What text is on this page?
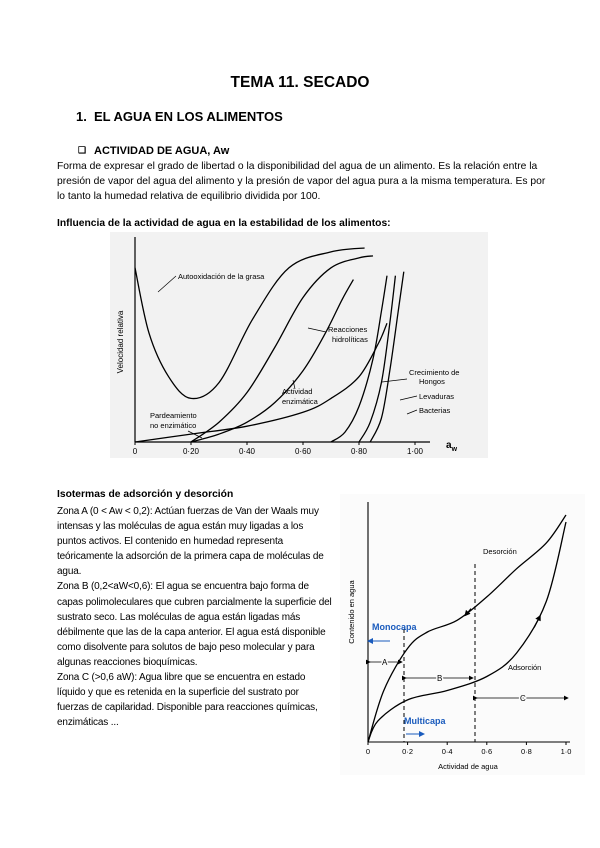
TEMA 11. SECADO
1. EL AGUA EN LOS ALIMENTOS
❑ ACTIVIDAD DE AGUA, Aw
Forma de expresar el grado de libertad o la disponibilidad del agua de un alimento. Es la relación entre la presión de vapor del agua del alimento y la presión de vapor del agua pura a la misma temperatura. Es por lo tanto la humedad relativa de equilibrio dividida por 100.
Influencia de la actividad de agua en la estabilidad de los alimentos:
0	0·20	0·40	0·60	0·80	1·00
Velocidad relativa
$a_w$
Autooxidación de la grasa
Reacciones
hidrolíticas
Crecimiento de
Hongos
Levaduras
Bacterias
Actividad
enzimática
Pardeamiento
no enzimático
Isotermas de adsorción y desorción
Zona A (0 < Aw < 0,2): Actúan fuerzas de Van der Waals muy intensas y las moléculas de agua están muy ligadas a los puntos activos. El contenido en humedad representa teóricamente la adsorción de la primera capa de moléculas de agua.
Zona B (0,2<aW<0,6): El agua se encuentra bajo forma de capas polimoleculares que cubren parcialmente la superficie del sustrato seco. Las moléculas de agua están ligadas más débilmente que las de la capa anterior. El agua está disponible como disolvente para solutos de bajo peso molecular y para algunas reacciones bioquímicas.
Zona C (>0,6 aW): Agua libre que se encuentra en estado líquido y que es retenida en la superficie del sustrato por fuerzas de capilaridad. Disponible para reacciones químicas, enzimáticas ...
0	0·2	0·4	0·6	0·8	1·0
A
B
C
Monocapa
Multicapa
Desorción
Adsorción
Contenido en agua
Actividad de agua
